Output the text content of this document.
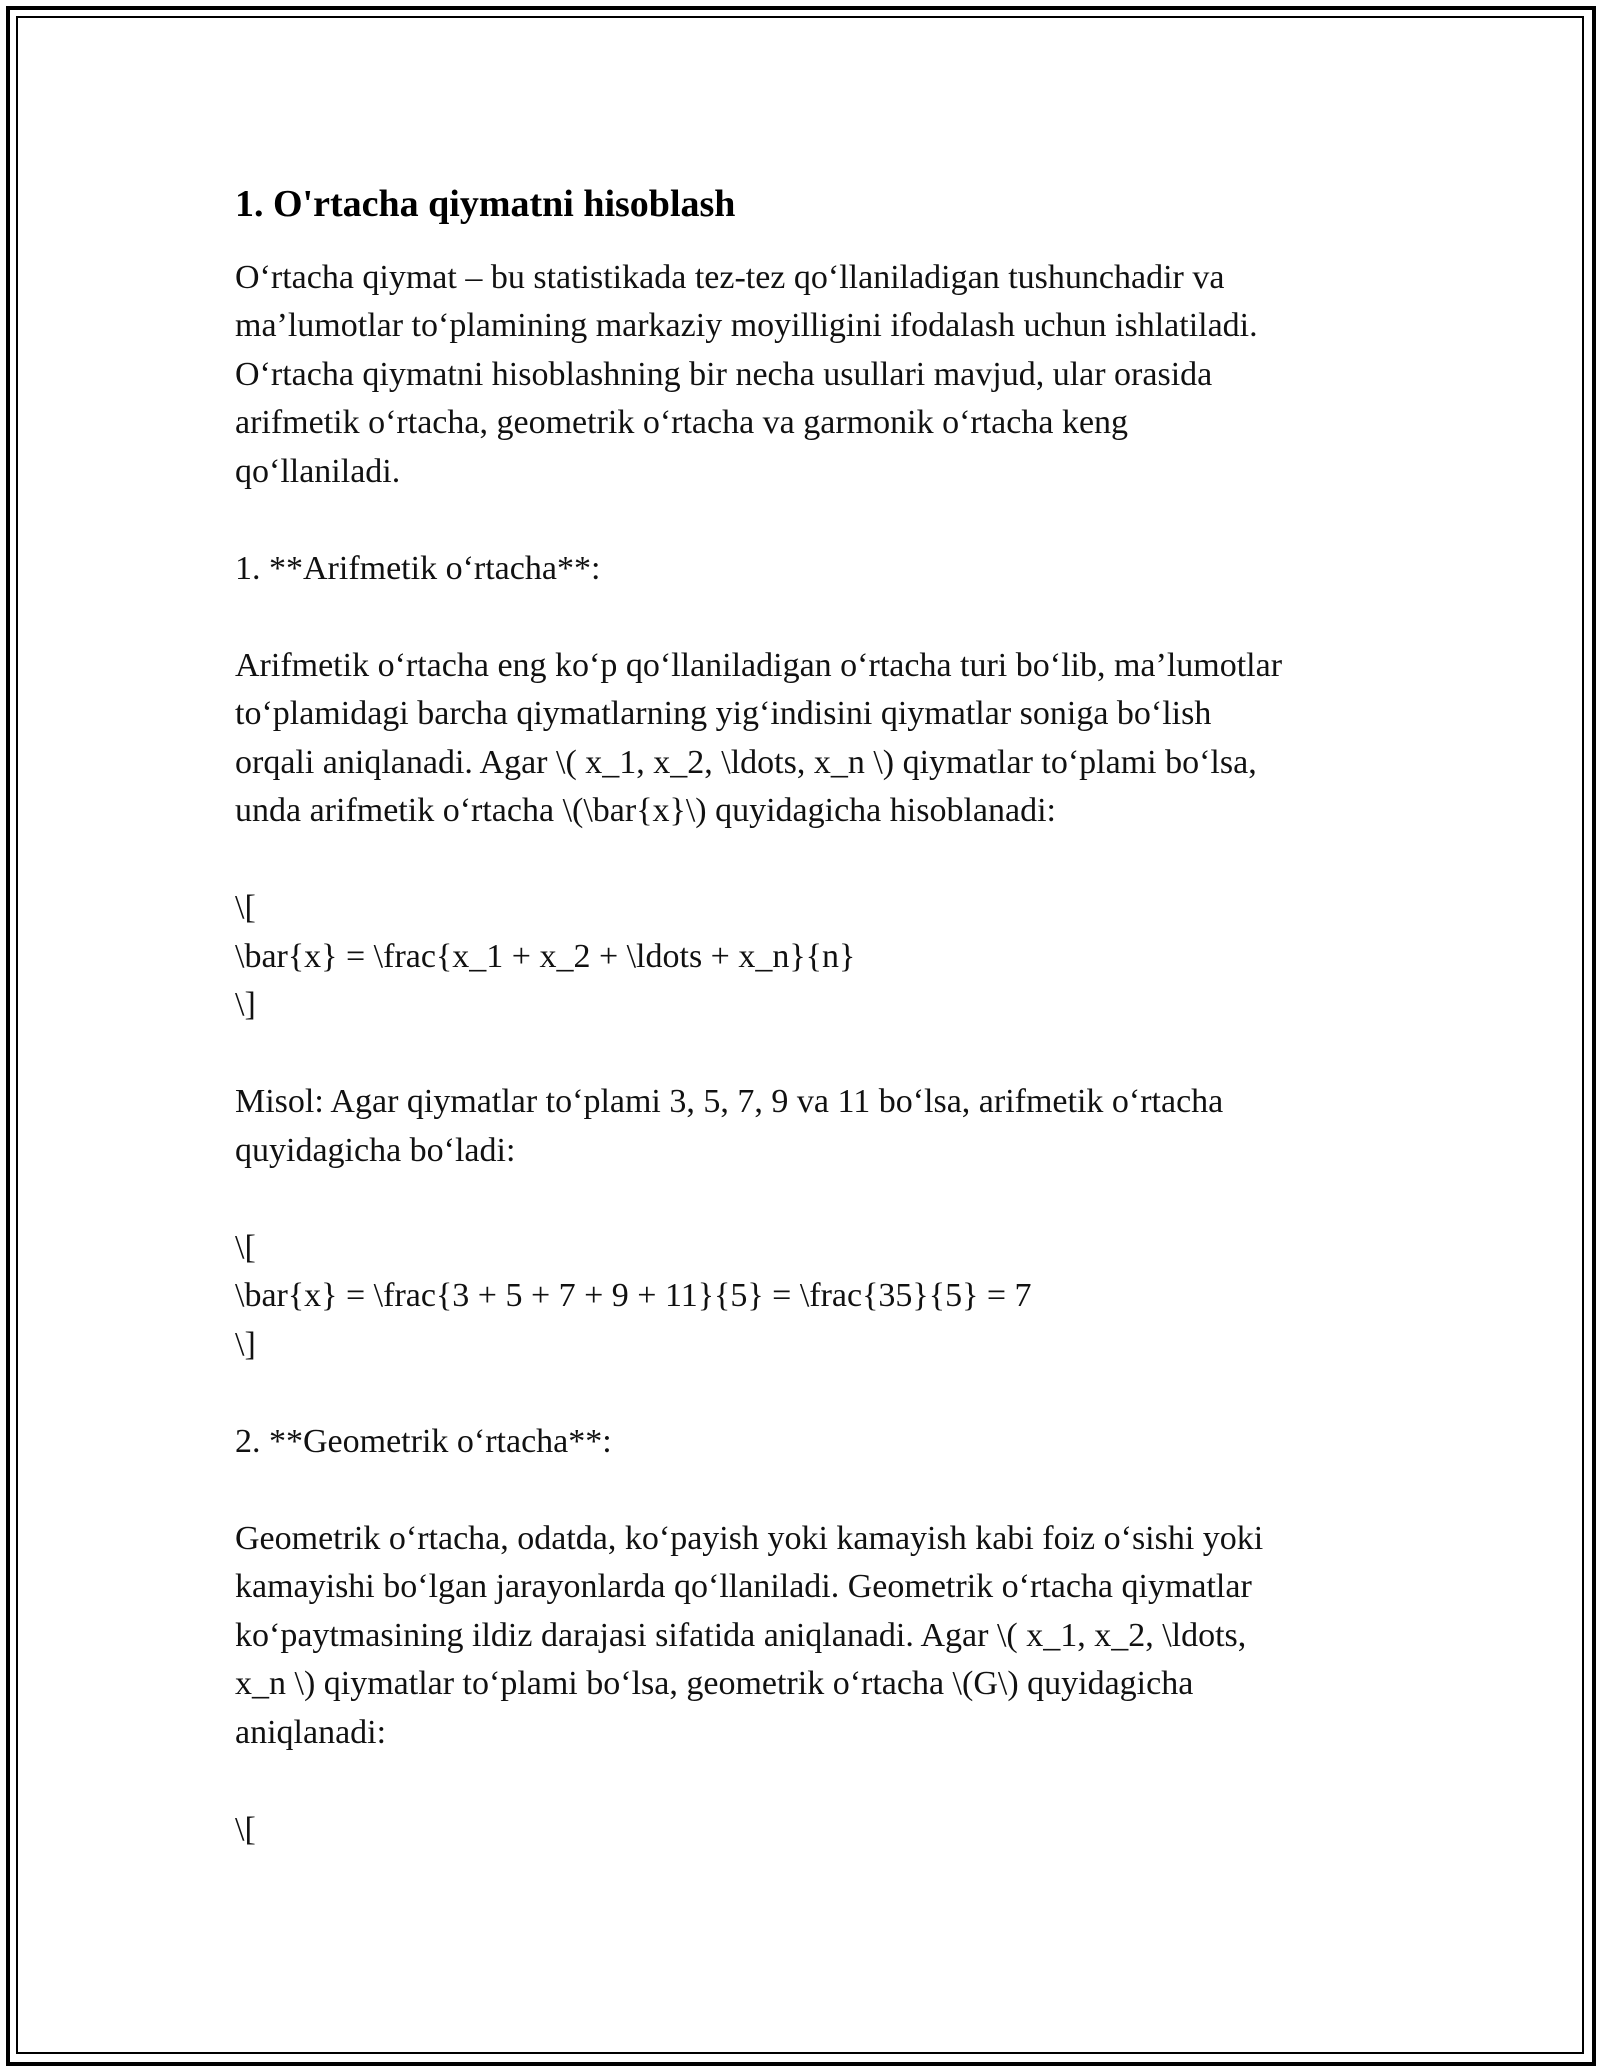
1. O'rtacha qiymatni hisoblash

O‘rtacha qiymat – bu statistikada tez-tez qo‘llaniladigan tushunchadir va
ma’lumotlar to‘plamining markaziy moyilligini ifodalash uchun ishlatiladi.
O‘rtacha qiymatni hisoblashning bir necha usullari mavjud, ular orasida
arifmetik o‘rtacha, geometrik o‘rtacha va garmonik o‘rtacha keng
qo‘llaniladi.

1. **Arifmetik o‘rtacha**:

Arifmetik o‘rtacha eng ko‘p qo‘llaniladigan o‘rtacha turi bo‘lib, ma’lumotlar
to‘plamidagi barcha qiymatlarning yig‘indisini qiymatlar soniga bo‘lish
orqali aniqlanadi. Agar \( x_1, x_2, \ldots, x_n \) qiymatlar to‘plami bo‘lsa,
unda arifmetik o‘rtacha \(\bar{x}\) quyidagicha hisoblanadi:

\[
\bar{x} = \frac{x_1 + x_2 + \ldots + x_n}{n}
\]

Misol: Agar qiymatlar to‘plami 3, 5, 7, 9 va 11 bo‘lsa, arifmetik o‘rtacha
quyidagicha bo‘ladi:

\[
\bar{x} = \frac{3 + 5 + 7 + 9 + 11}{5} = \frac{35}{5} = 7
\]

2. **Geometrik o‘rtacha**:

Geometrik o‘rtacha, odatda, ko‘payish yoki kamayish kabi foiz o‘sishi yoki
kamayishi bo‘lgan jarayonlarda qo‘llaniladi. Geometrik o‘rtacha qiymatlar
ko‘paytmasining ildiz darajasi sifatida aniqlanadi. Agar \( x_1, x_2, \ldots,
x_n \) qiymatlar to‘plami bo‘lsa, geometrik o‘rtacha \(G\) quyidagicha
aniqlanadi:

\[
